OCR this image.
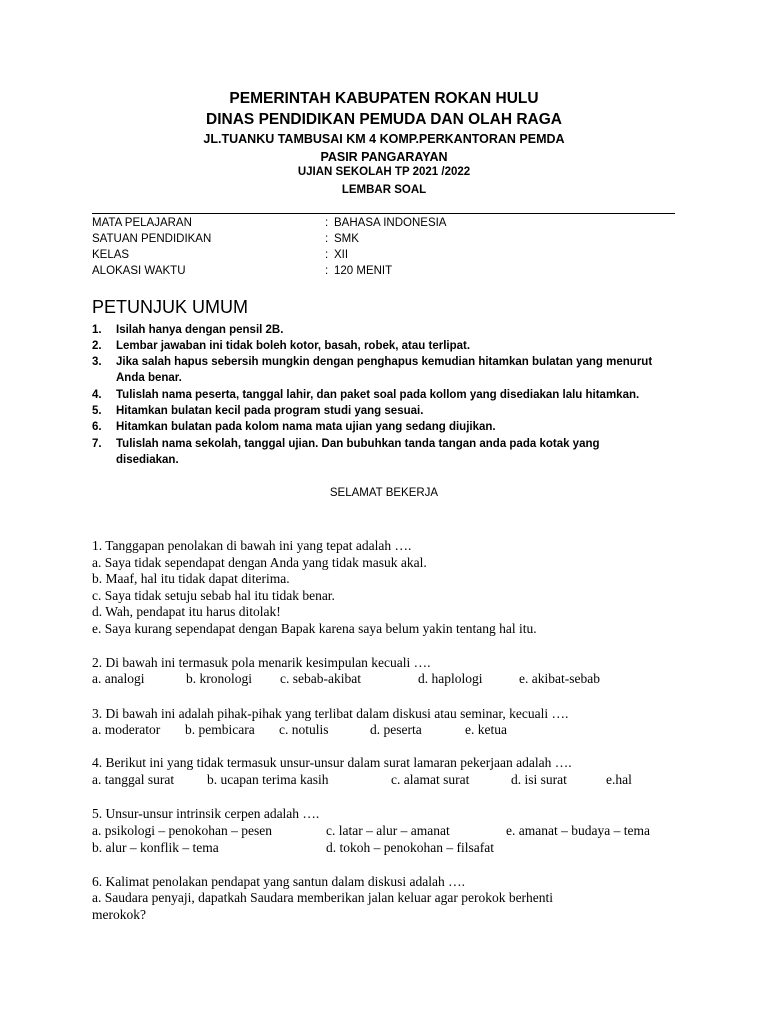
PEMERINTAH KABUPATEN ROKAN HULU
DINAS PENDIDIKAN PEMUDA DAN OLAH RAGA
JL.TUANKU TAMBUSAI KM 4 KOMP.PERKANTORAN PEMDA
PASIR PANGARAYAN
UJIAN SEKOLAH TP 2021 /2022
LEMBAR SOAL
MATA PELAJARAN	: BAHASA INDONESIA
SATUAN PENDIDIKAN	: SMK
KELAS	: XII
ALOKASI WAKTU	: 120 MENIT
PETUNJUK UMUM
1. Isilah hanya dengan pensil 2B.
2. Lembar jawaban ini tidak boleh kotor, basah, robek, atau terlipat.
3. Jika salah hapus sebersih mungkin dengan penghapus kemudian hitamkan bulatan yang menurut Anda benar.
4. Tulislah nama peserta, tanggal lahir, dan paket soal pada kollom yang disediakan lalu hitamkan.
5. Hitamkan bulatan kecil pada program studi yang sesuai.
6. Hitamkan bulatan pada kolom nama mata ujian yang sedang diujikan.
7. Tulislah nama sekolah, tanggal ujian. Dan bubuhkan tanda tangan anda pada kotak yang disediakan.
SELAMAT BEKERJA
1. Tanggapan penolakan di bawah ini yang tepat adalah ….
a. Saya tidak sependapat dengan Anda yang tidak masuk akal.
b. Maaf, hal itu tidak dapat diterima.
c. Saya tidak setuju sebab hal itu tidak benar.
d. Wah, pendapat itu harus ditolak!
e. Saya kurang sependapat dengan Bapak karena saya belum yakin tentang hal itu.
2. Di bawah ini termasuk pola menarik kesimpulan kecuali ….
a. analogi	b. kronologi c. sebab-akibat	d. haplologi	e. akibat-sebab
3. Di bawah ini adalah pihak-pihak yang terlibat dalam diskusi atau seminar, kecuali ….
a. moderator b. pembicara c. notulis	d. peserta	e. ketua
4. Berikut ini yang tidak termasuk unsur-unsur dalam surat lamaran pekerjaan adalah ….
a. tanggal surat b. ucapan terima kasih	c. alamat surat	d. isi surat	e.hal
5. Unsur-unsur intrinsik cerpen adalah ….
a. psikologi – penokohan – pesen	c. latar – alur – amanat	e. amanat – budaya – tema
b. alur – konflik – tema	d. tokoh – penokohan – filsafat
6. Kalimat penolakan pendapat yang santun dalam diskusi adalah ….
a. Saudara penyaji, dapatkah Saudara memberikan jalan keluar agar perokok berhenti
merokok?
